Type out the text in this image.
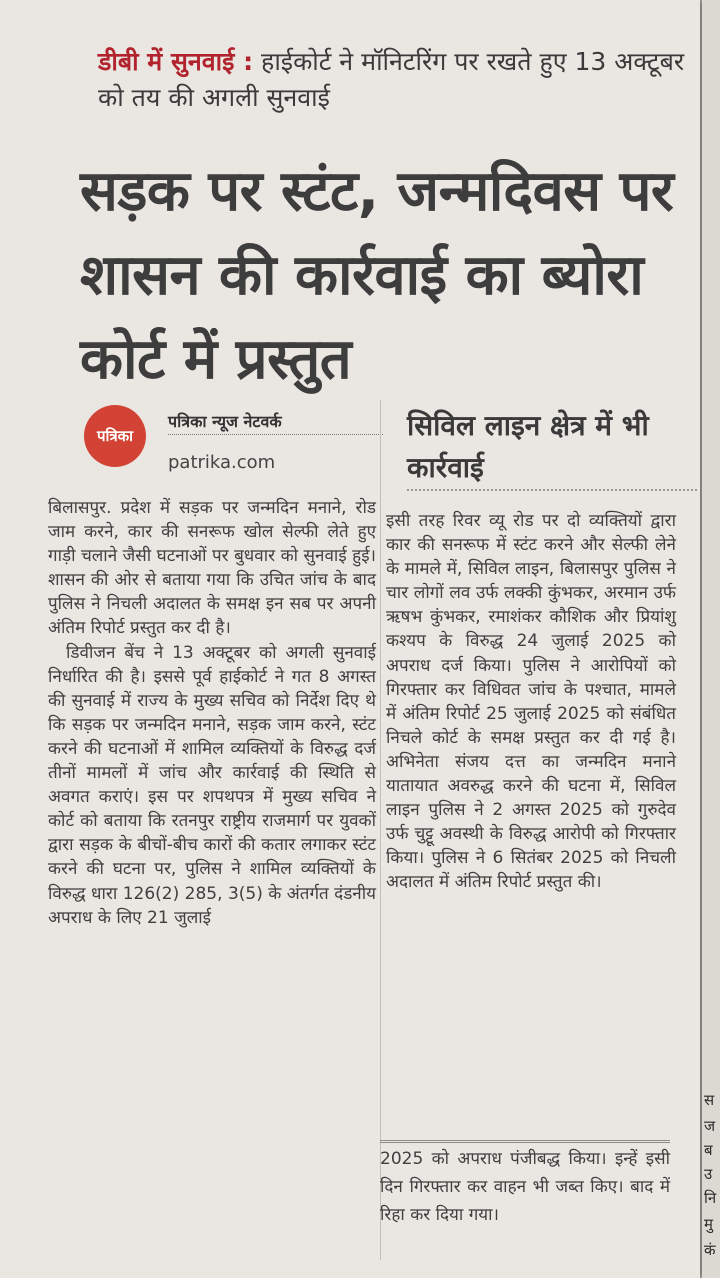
डीबी में सुनवाई : हाईकोर्ट ने मॉनिटरिंग पर रखते हुए 13 अक्टूबर को तय की अगली सुनवाई
सड़क पर स्टंट, जन्मदिवस पर शासन की कार्रवाई का ब्योरा कोर्ट में प्रस्तुत
पत्रिका
पत्रिका न्यूज नेटवर्क
patrika.com
सिविल लाइन क्षेत्र में भी कार्रवाई

बिलासपुर. प्रदेश में सड़क पर जन्मदिन मनाने, रोड जाम करने, कार की सनरूफ खोल सेल्फी लेते हुए गाड़ी चलाने जैसी घटनाओं पर बुधवार को सुनवाई हुई। शासन की ओर से बताया गया कि उचित जांच के बाद पुलिस ने निचली अदालत के समक्ष इन सब पर अपनी अंतिम रिपोर्ट प्रस्तुत कर दी है।

डिवीजन बेंच ने 13 अक्टूबर को अगली सुनवाई निर्धारित की है। इससे पूर्व हाईकोर्ट ने गत 8 अगस्त की सुनवाई में राज्य के मुख्य सचिव को निर्देश दिए थे कि सड़क पर जन्मदिन मनाने, सड़क जाम करने, स्टंट करने की घटनाओं में शामिल व्यक्तियों के विरुद्ध दर्ज तीनों मामलों में जांच और कार्रवाई की स्थिति से अवगत कराएं। इस पर शपथपत्र में मुख्य सचिव ने कोर्ट को बताया कि रतनपुर राष्ट्रीय राजमार्ग पर युवकों द्वारा सड़क के बीचों-बीच कारों की कतार लगाकर स्टंट करने की घटना पर, पुलिस ने शामिल व्यक्तियों के विरुद्ध धारा 126(2) 285, 3(5) के अंतर्गत दंडनीय अपराध के लिए 21 जुलाई

इसी तरह रिवर व्यू रोड पर दो व्यक्तियों द्वारा कार की सनरूफ में स्टंट करने और सेल्फी लेने के मामले में, सिविल लाइन, बिलासपुर पुलिस ने चार लोगों लव उर्फ लक्की कुंभकर, अरमान उर्फ ऋषभ कुंभकर, रमाशंकर कौशिक और प्रियांशु कश्यप के विरुद्ध 24 जुलाई 2025 को अपराध दर्ज किया। पुलिस ने आरोपियों को गिरफ्तार कर विधिवत जांच के पश्चात, मामले में अंतिम रिपोर्ट 25 जुलाई 2025 को संबंधित निचले कोर्ट के समक्ष प्रस्तुत कर दी गई है। अभिनेता संजय दत्त का जन्मदिन मनाने यातायात अवरुद्ध करने की घटना में, सिविल लाइन पुलिस ने 2 अगस्त 2025 को गुरुदेव उर्फ चुट्टू अवस्थी के विरुद्ध आरोपी को गिरफ्तार किया। पुलिस ने 6 सितंबर 2025 को निचली अदालत में अंतिम रिपोर्ट प्रस्तुत की।

2025 को अपराध पंजीबद्ध किया। इन्हें इसी दिन गिरफ्तार कर वाहन भी जब्त किए। बाद में रिहा कर दिया गया।

स
ज
ब
उ
नि
मु
कं
